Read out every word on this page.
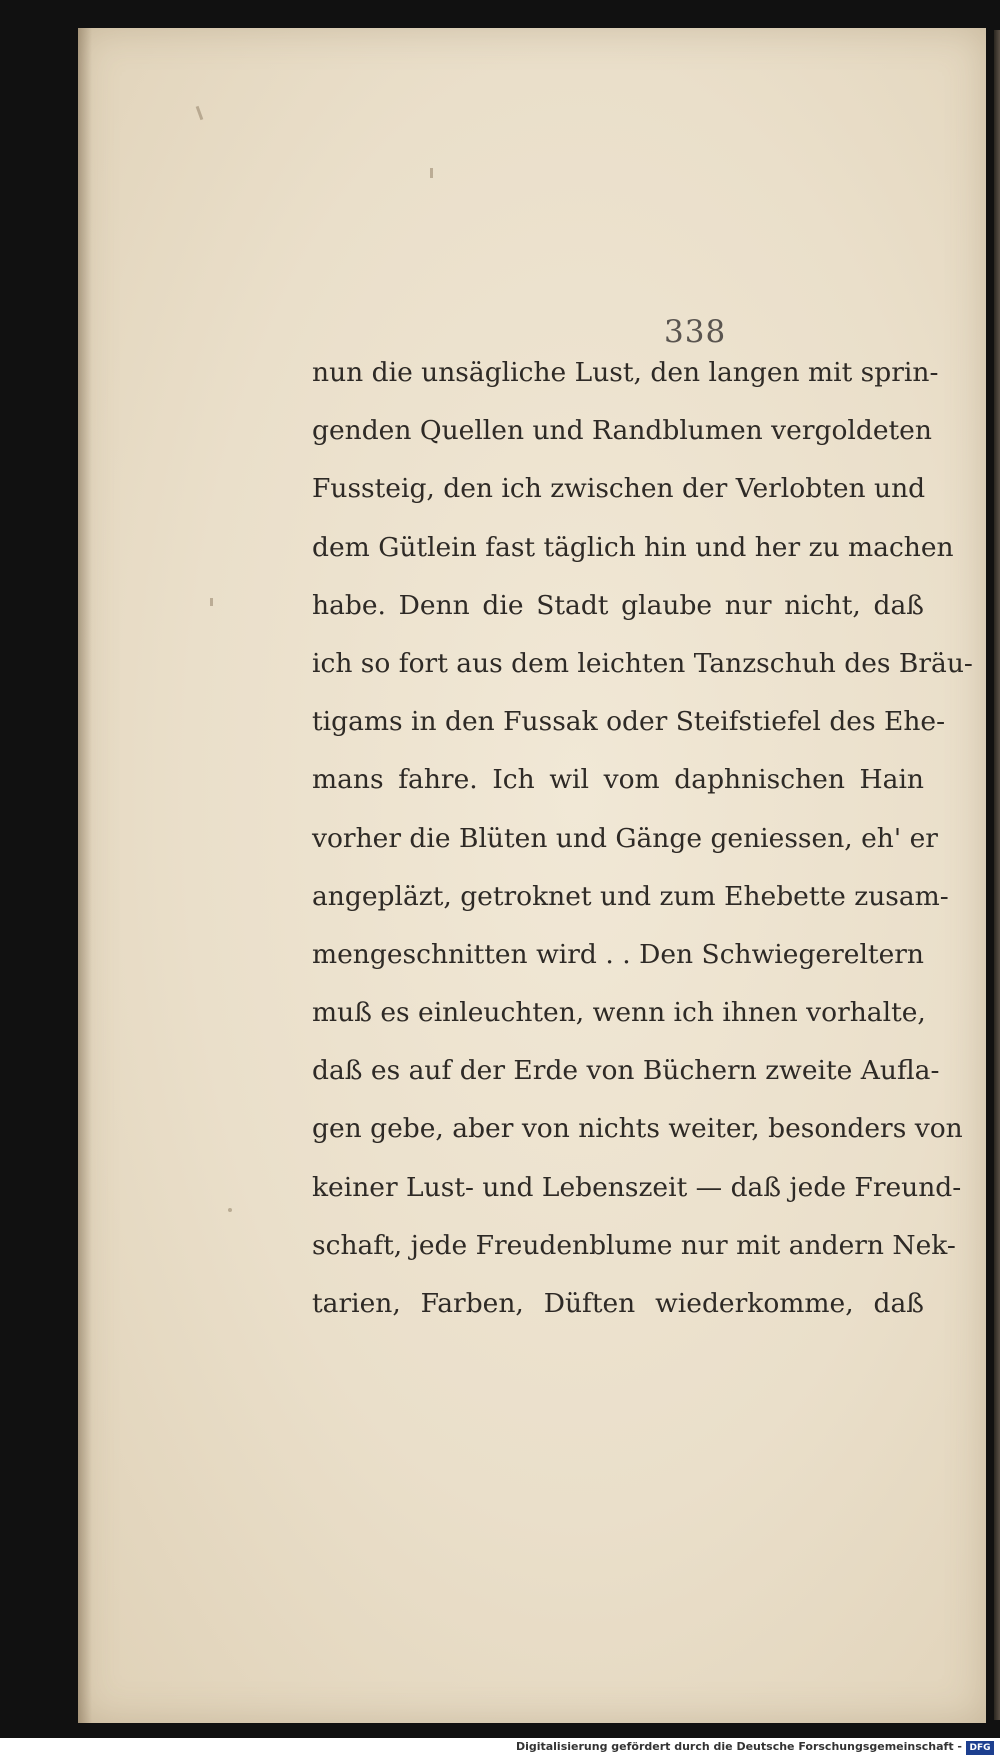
338
nun die unsägliche Lust, den langen mit sprin-
genden Quellen und Randblumen vergoldeten
Fussteig, den ich zwischen der Verlobten und
dem Gütlein fast täglich hin und her zu machen
habe. Denn die Stadt glaube nur nicht, daß
ich so fort aus dem leichten Tanzschuh des Bräu-
tigams in den Fussak oder Steifstiefel des Ehe-
mans fahre. Ich wil vom daphnischen Hain
vorher die Blüten und Gänge geniessen, eh' er
angepläzt, getroknet und zum Ehebette zusam-
mengeschnitten wird . . Den Schwiegereltern
muß es einleuchten, wenn ich ihnen vorhalte,
daß es auf der Erde von Büchern zweite Aufla-
gen gebe, aber von nichts weiter, besonders von
keiner Lust- und Lebenszeit — daß jede Freund-
schaft, jede Freudenblume nur mit andern Nek-
tarien, Farben, Düften wiederkomme, daß
Digitalisierung gefördert durch die Deutsche Forschungsgemeinschaft - DFG
